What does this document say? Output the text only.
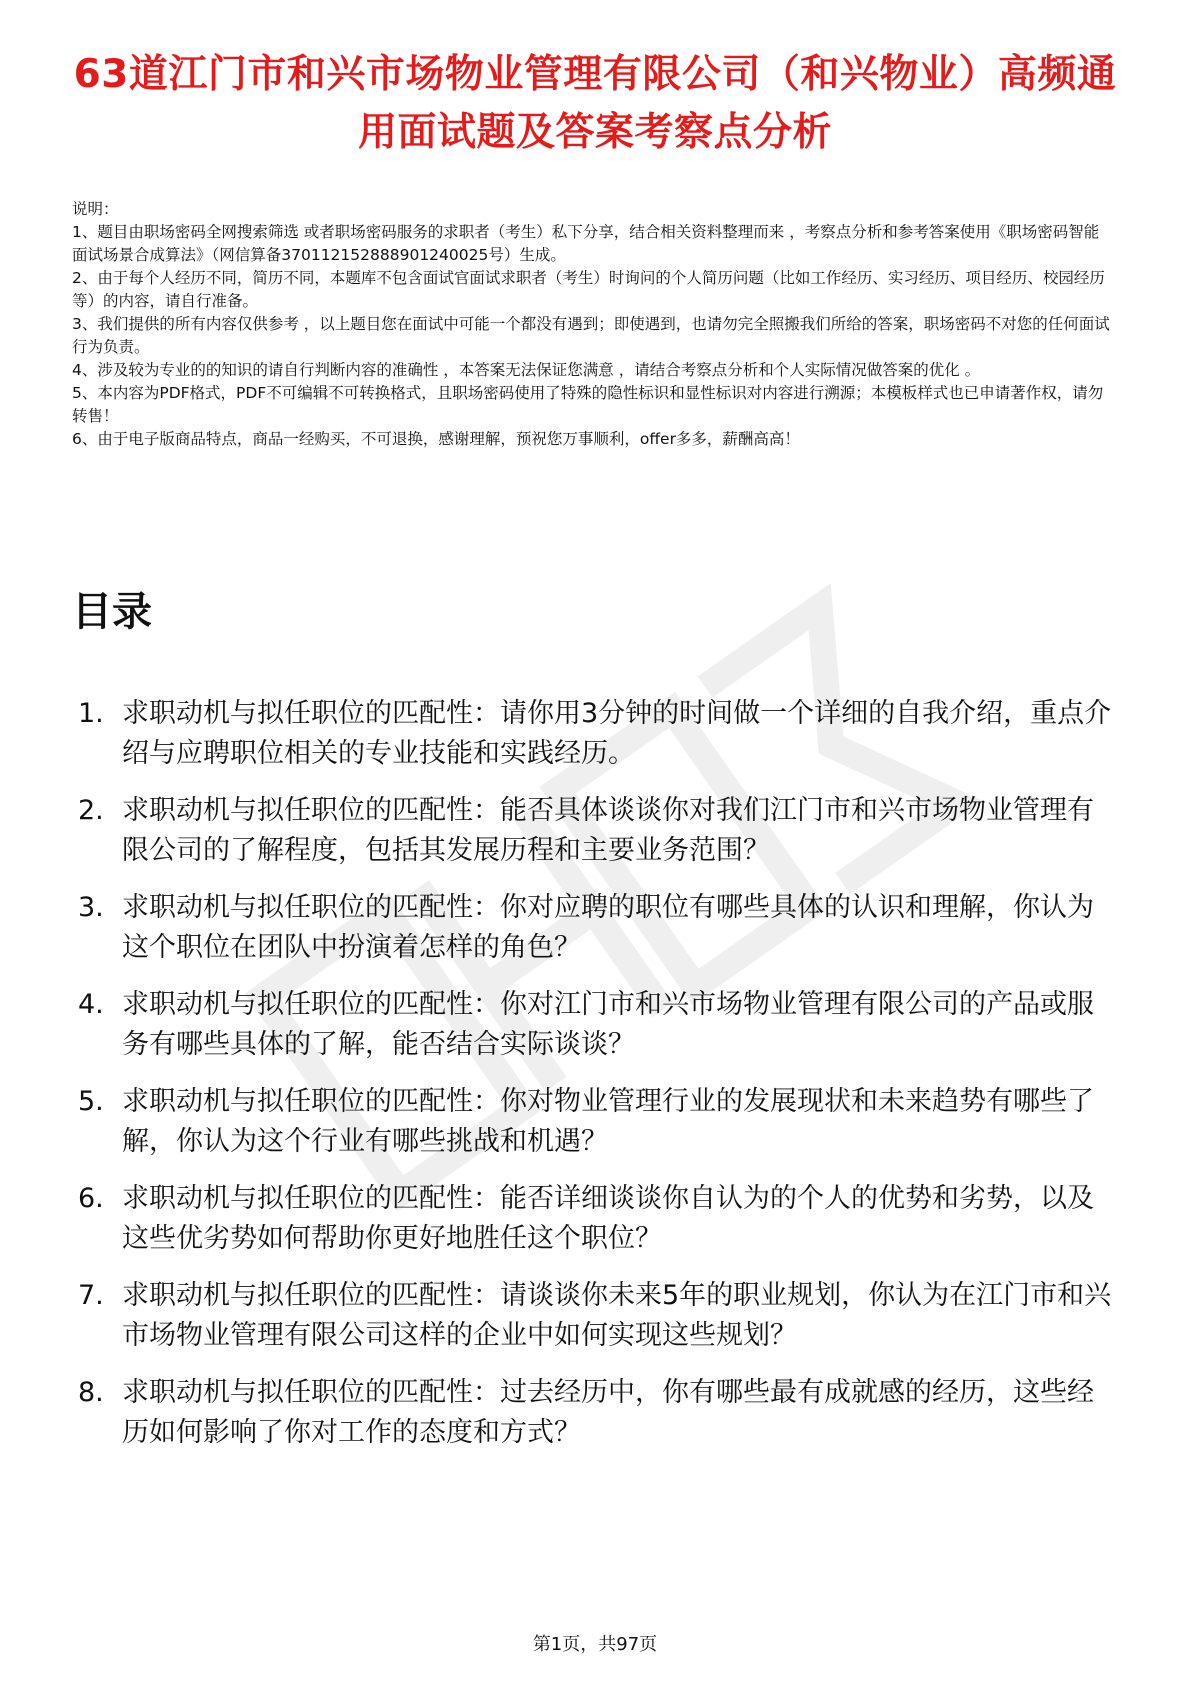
63道江门市和兴市场物业管理有限公司（和兴物业）高频通用面试题及答案考察点分析

说明：

1、题目由职场密码全网搜索筛选 或者职场密码服务的求职者（考生）私下分享，结合相关资料整理而来 ，考察点分析和参考答案使用《职场密码智能面试场景合成算法》（网信算备370112152888901240025号）生成。

2、由于每个人经历不同，简历不同，本题库不包含面试官面试求职者（考生）时询问的个人简历问题（比如工作经历、实习经历、项目经历、校园经历等）的内容，请自行准备。

3、我们提供的所有内容仅供参考 ，以上题目您在面试中可能一个都没有遇到；即使遇到，也请勿完全照搬我们所给的答案，职场密码不对您的任何面试行为负责。

4、涉及较为专业的的知识的请自行判断内容的准确性 ，本答案无法保证您满意 ，请结合考察点分析和个人实际情况做答案的优化 。

5、本内容为PDF格式，PDF不可编辑不可转换格式，且职场密码使用了特殊的隐性标识和显性标识对内容进行溯源；本模板样式也已申请著作权，请勿转售！

6、由于电子版商品特点，商品一经购买，不可退换，感谢理解，预祝您万事顺利，offer多多，薪酬高高！

目录
1. 求职动机与拟任职位的匹配性：请你用3分钟的时间做一个详细的自我介绍，重点介绍与应聘职位相关的专业技能和实践经历。
2. 求职动机与拟任职位的匹配性：能否具体谈谈你对我们江门市和兴市场物业管理有限公司的了解程度，包括其发展历程和主要业务范围？
3. 求职动机与拟任职位的匹配性：你对应聘的职位有哪些具体的认识和理解，你认为这个职位在团队中扮演着怎样的角色？
4. 求职动机与拟任职位的匹配性：你对江门市和兴市场物业管理有限公司的产品或服务有哪些具体的了解，能否结合实际谈谈？
5. 求职动机与拟任职位的匹配性：你对物业管理行业的发展现状和未来趋势有哪些了解，你认为这个行业有哪些挑战和机遇？
6. 求职动机与拟任职位的匹配性：能否详细谈谈你自认为的个人的优势和劣势，以及这些优劣势如何帮助你更好地胜任这个职位？
7. 求职动机与拟任职位的匹配性：请谈谈你未来5年的职业规划，你认为在江门市和兴市场物业管理有限公司这样的企业中如何实现这些规划？
8. 求职动机与拟任职位的匹配性：过去经历中，你有哪些最有成就感的经历，这些经历如何影响了你对工作的态度和方式？
第1页，共97页
